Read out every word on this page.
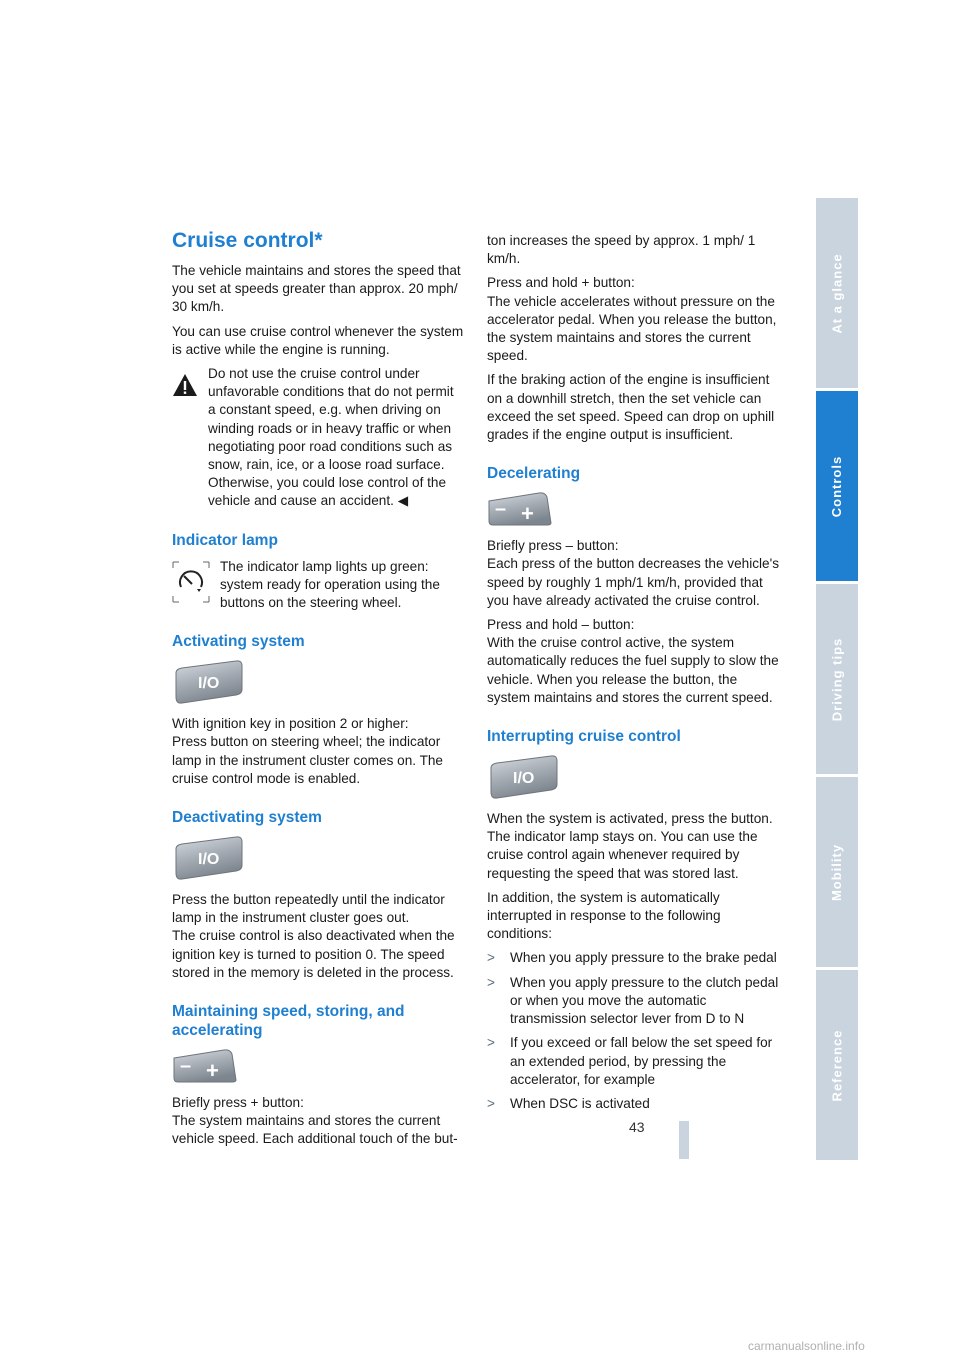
Cruise control*

The vehicle maintains and stores the speed that you set at speeds greater than approx. 20 mph/ 30 km/h.

You can use cruise control whenever the system is active while the engine is running.

Do not use the cruise control under unfavorable conditions that do not permit a constant speed, e.g. when driving on winding roads or in heavy traffic or when negotiating poor road conditions such as snow, rain, ice, or a loose road surface. Otherwise, you could lose control of the vehicle and cause an accident. ◀
Indicator lamp
The indicator lamp lights up green: system ready for operation using the buttons on the steering wheel.
Activating system
I/O

With ignition key in position 2 or higher:

Press button on steering wheel; the indicator lamp in the instrument cluster comes on. The cruise control mode is enabled.

Deactivating system
I/O

Press the button repeatedly until the indicator lamp in the instrument cluster goes out.

The cruise control is also deactivated when the ignition key is turned to position 0. The speed stored in the memory is deleted in the process.

Maintaining speed, storing, and accelerating
– +

Briefly press + button:

The system maintains and stores the current vehicle speed. Each additional touch of the but-

ton increases the speed by approx. 1 mph/ 1 km/h.

Press and hold + button:

The vehicle accelerates without pressure on the accelerator pedal. When you release the button, the system maintains and stores the current speed.

If the braking action of the engine is insufficient on a downhill stretch, then the set vehicle can exceed the set speed. Speed can drop on uphill grades if the engine output is insufficient.

Decelerating
– +

Briefly press – button:

Each press of the button decreases the vehicle's speed by roughly 1 mph/1 km/h, provided that you have already activated the cruise control.

Press and hold – button:

With the cruise control active, the system automatically reduces the fuel supply to slow the vehicle. When you release the button, the system maintains and stores the current speed.

Interrupting cruise control
I/O

When the system is activated, press the button. The indicator lamp stays on. You can use the cruise control again whenever required by requesting the speed that was stored last.

In addition, the system is automatically interrupted in response to the following conditions:

> When you apply pressure to the brake pedal
> When you apply pressure to the clutch pedal or when you move the automatic transmission selector lever from D to N
> If you exceed or fall below the set speed for an extended period, by pressing the accelerator, for example
> When DSC is activated
At a glance
Controls
Driving tips
Mobility
Reference
43
carmanualsonline.info
